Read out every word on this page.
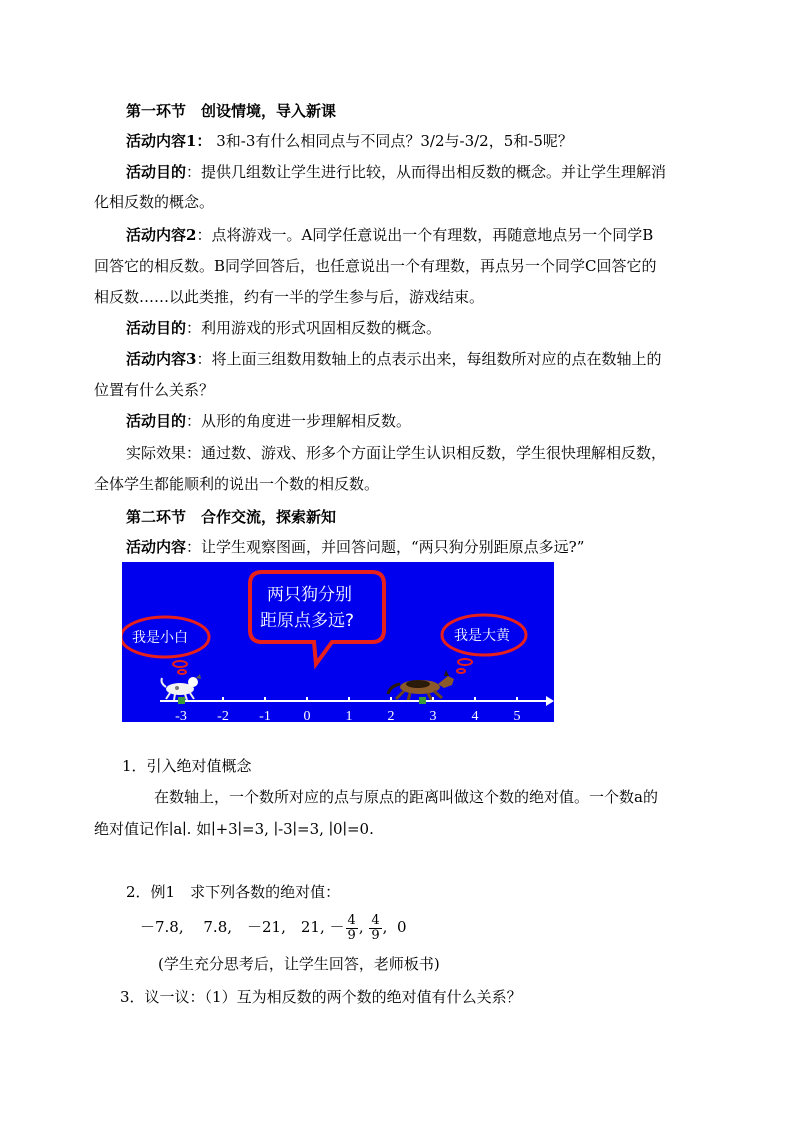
第一环节　创设情境，导入新课
活动内容1： 3和-3有什么相同点与不同点？3/2与-3/2，5和-5呢？
活动目的：提供几组数让学生进行比较，从而得出相反数的概念。并让学生理解消
化相反数的概念。
活动内容2：点将游戏一。A同学任意说出一个有理数，再随意地点另一个同学B
回答它的相反数。B同学回答后，也任意说出一个有理数，再点另一个同学C回答它的
相反数……以此类推，约有一半的学生参与后，游戏结束。
活动目的：利用游戏的形式巩固相反数的概念。
活动内容3：将上面三组数用数轴上的点表示出来，每组数所对应的点在数轴上的
位置有什么关系？
活动目的：从形的角度进一步理解相反数。
实际效果：通过数、游戏、形多个方面让学生认识相反数，学生很快理解相反数，
全体学生都能顺利的说出一个数的相反数。
第二环节　合作交流，探索新知
活动内容：让学生观察图画，并回答问题，“两只狗分别距原点多远?”
两只狗分别
距原点多远?
我是小白	我是大黄
-3 -2 -1 0	1	2	3	4	5
1．引入绝对值概念
在数轴上，一个数所对应的点与原点的距离叫做这个数的绝对值。一个数a的
绝对值记作∣a∣. 如∣+3∣=3, ∣-3∣=3, ∣0∣=0.
2．例1　求下列各数的绝对值：
－7.8,　 7.8,　－21,　21, － $\frac{4}{9}$ , $\frac{4}{9}$ ,  0
(学生充分思考后，让学生回答，老师板书)
3．议一议：（1）互为相反数的两个数的绝对值有什么关系？
